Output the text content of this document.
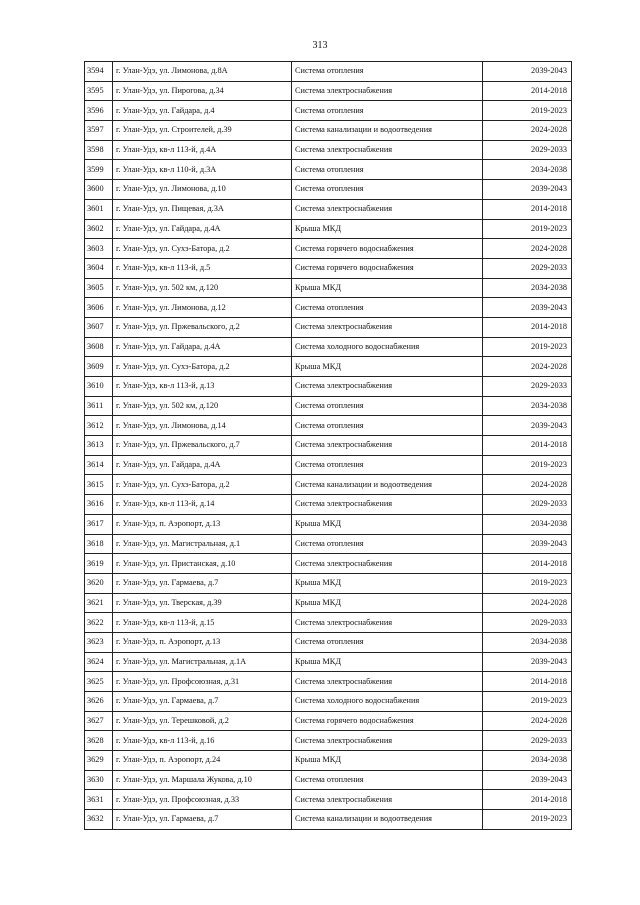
313
3594	г. Улан-Удэ, ул. Лимонова, д.8А	Система отопления	2039-2043
3595	г. Улан-Удэ, ул. Пирогова, д.34	Система электроснабжения	2014-2018
3596	г. Улан-Удэ, ул. Гайдара, д.4	Система отопления	2019-2023
3597	г. Улан-Удэ, ул. Строителей, д.39	Система канализации и водоотведения	2024-2028
3598	г. Улан-Удэ, кв-л 113-й, д.4А	Система электроснабжения	2029-2033
3599	г. Улан-Удэ, кв-л 110-й, д.3А	Система отопления	2034-2038
3600	г. Улан-Удэ, ул. Лимонова, д.10	Система отопления	2039-2043
3601	г. Улан-Удэ, ул. Пищевая, д.3А	Система электроснабжения	2014-2018
3602	г. Улан-Удэ, ул. Гайдара, д.4А	Крыша МКД	2019-2023
3603	г. Улан-Удэ, ул. Сухэ-Батора, д.2	Система горячего водоснабжения	2024-2028
3604	г. Улан-Удэ, кв-л 113-й, д.5	Система горячего водоснабжения	2029-2033
3605	г. Улан-Удэ, ул. 502 км, д.120	Крыша МКД	2034-2038
3606	г. Улан-Удэ, ул. Лимонова, д.12	Система отопления	2039-2043
3607	г. Улан-Удэ, ул. Пржевальского, д.2	Система электроснабжения	2014-2018
3608	г. Улан-Удэ, ул. Гайдара, д.4А	Система холодного водоснабжения	2019-2023
3609	г. Улан-Удэ, ул. Сухэ-Батора, д.2	Крыша МКД	2024-2028
3610	г. Улан-Удэ, кв-л 113-й, д.13	Система электроснабжения	2029-2033
3611	г. Улан-Удэ, ул. 502 км, д.120	Система отопления	2034-2038
3612	г. Улан-Удэ, ул. Лимонова, д.14	Система отопления	2039-2043
3613	г. Улан-Удэ, ул. Пржевальского, д.7	Система электроснабжения	2014-2018
3614	г. Улан-Удэ, ул. Гайдара, д.4А	Система отопления	2019-2023
3615	г. Улан-Удэ, ул. Сухэ-Батора, д.2	Система канализации и водоотведения	2024-2028
3616	г. Улан-Удэ, кв-л 113-й, д.14	Система электроснабжения	2029-2033
3617	г. Улан-Удэ, п. Аэропорт, д.13	Крыша МКД	2034-2038
3618	г. Улан-Удэ, ул. Магистральная, д.1	Система отопления	2039-2043
3619	г. Улан-Удэ, ул. Пристанская, д.10	Система электроснабжения	2014-2018
3620	г. Улан-Удэ, ул. Гармаева, д.7	Крыша МКД	2019-2023
3621	г. Улан-Удэ, ул. Тверская, д.39	Крыша МКД	2024-2028
3622	г. Улан-Удэ, кв-л 113-й, д.15	Система электроснабжения	2029-2033
3623	г. Улан-Удэ, п. Аэропорт, д.13	Система отопления	2034-2038
3624	г. Улан-Удэ, ул. Магистральная, д.1А	Крыша МКД	2039-2043
3625	г. Улан-Удэ, ул. Профсоюзная, д.31	Система электроснабжения	2014-2018
3626	г. Улан-Удэ, ул. Гармаева, д.7	Система холодного водоснабжения	2019-2023
3627	г. Улан-Удэ, ул. Терешковой, д.2	Система горячего водоснабжения	2024-2028
3628	г. Улан-Удэ, кв-л 113-й, д.16	Система электроснабжения	2029-2033
3629	г. Улан-Удэ, п. Аэропорт, д.24	Крыша МКД	2034-2038
3630	г. Улан-Удэ, ул. Маршала Жукова, д.10	Система отопления	2039-2043
3631	г. Улан-Удэ, ул. Профсоюзная, д.33	Система электроснабжения	2014-2018
3632	г. Улан-Удэ, ул. Гармаева, д.7	Система канализации и водоотведения	2019-2023
